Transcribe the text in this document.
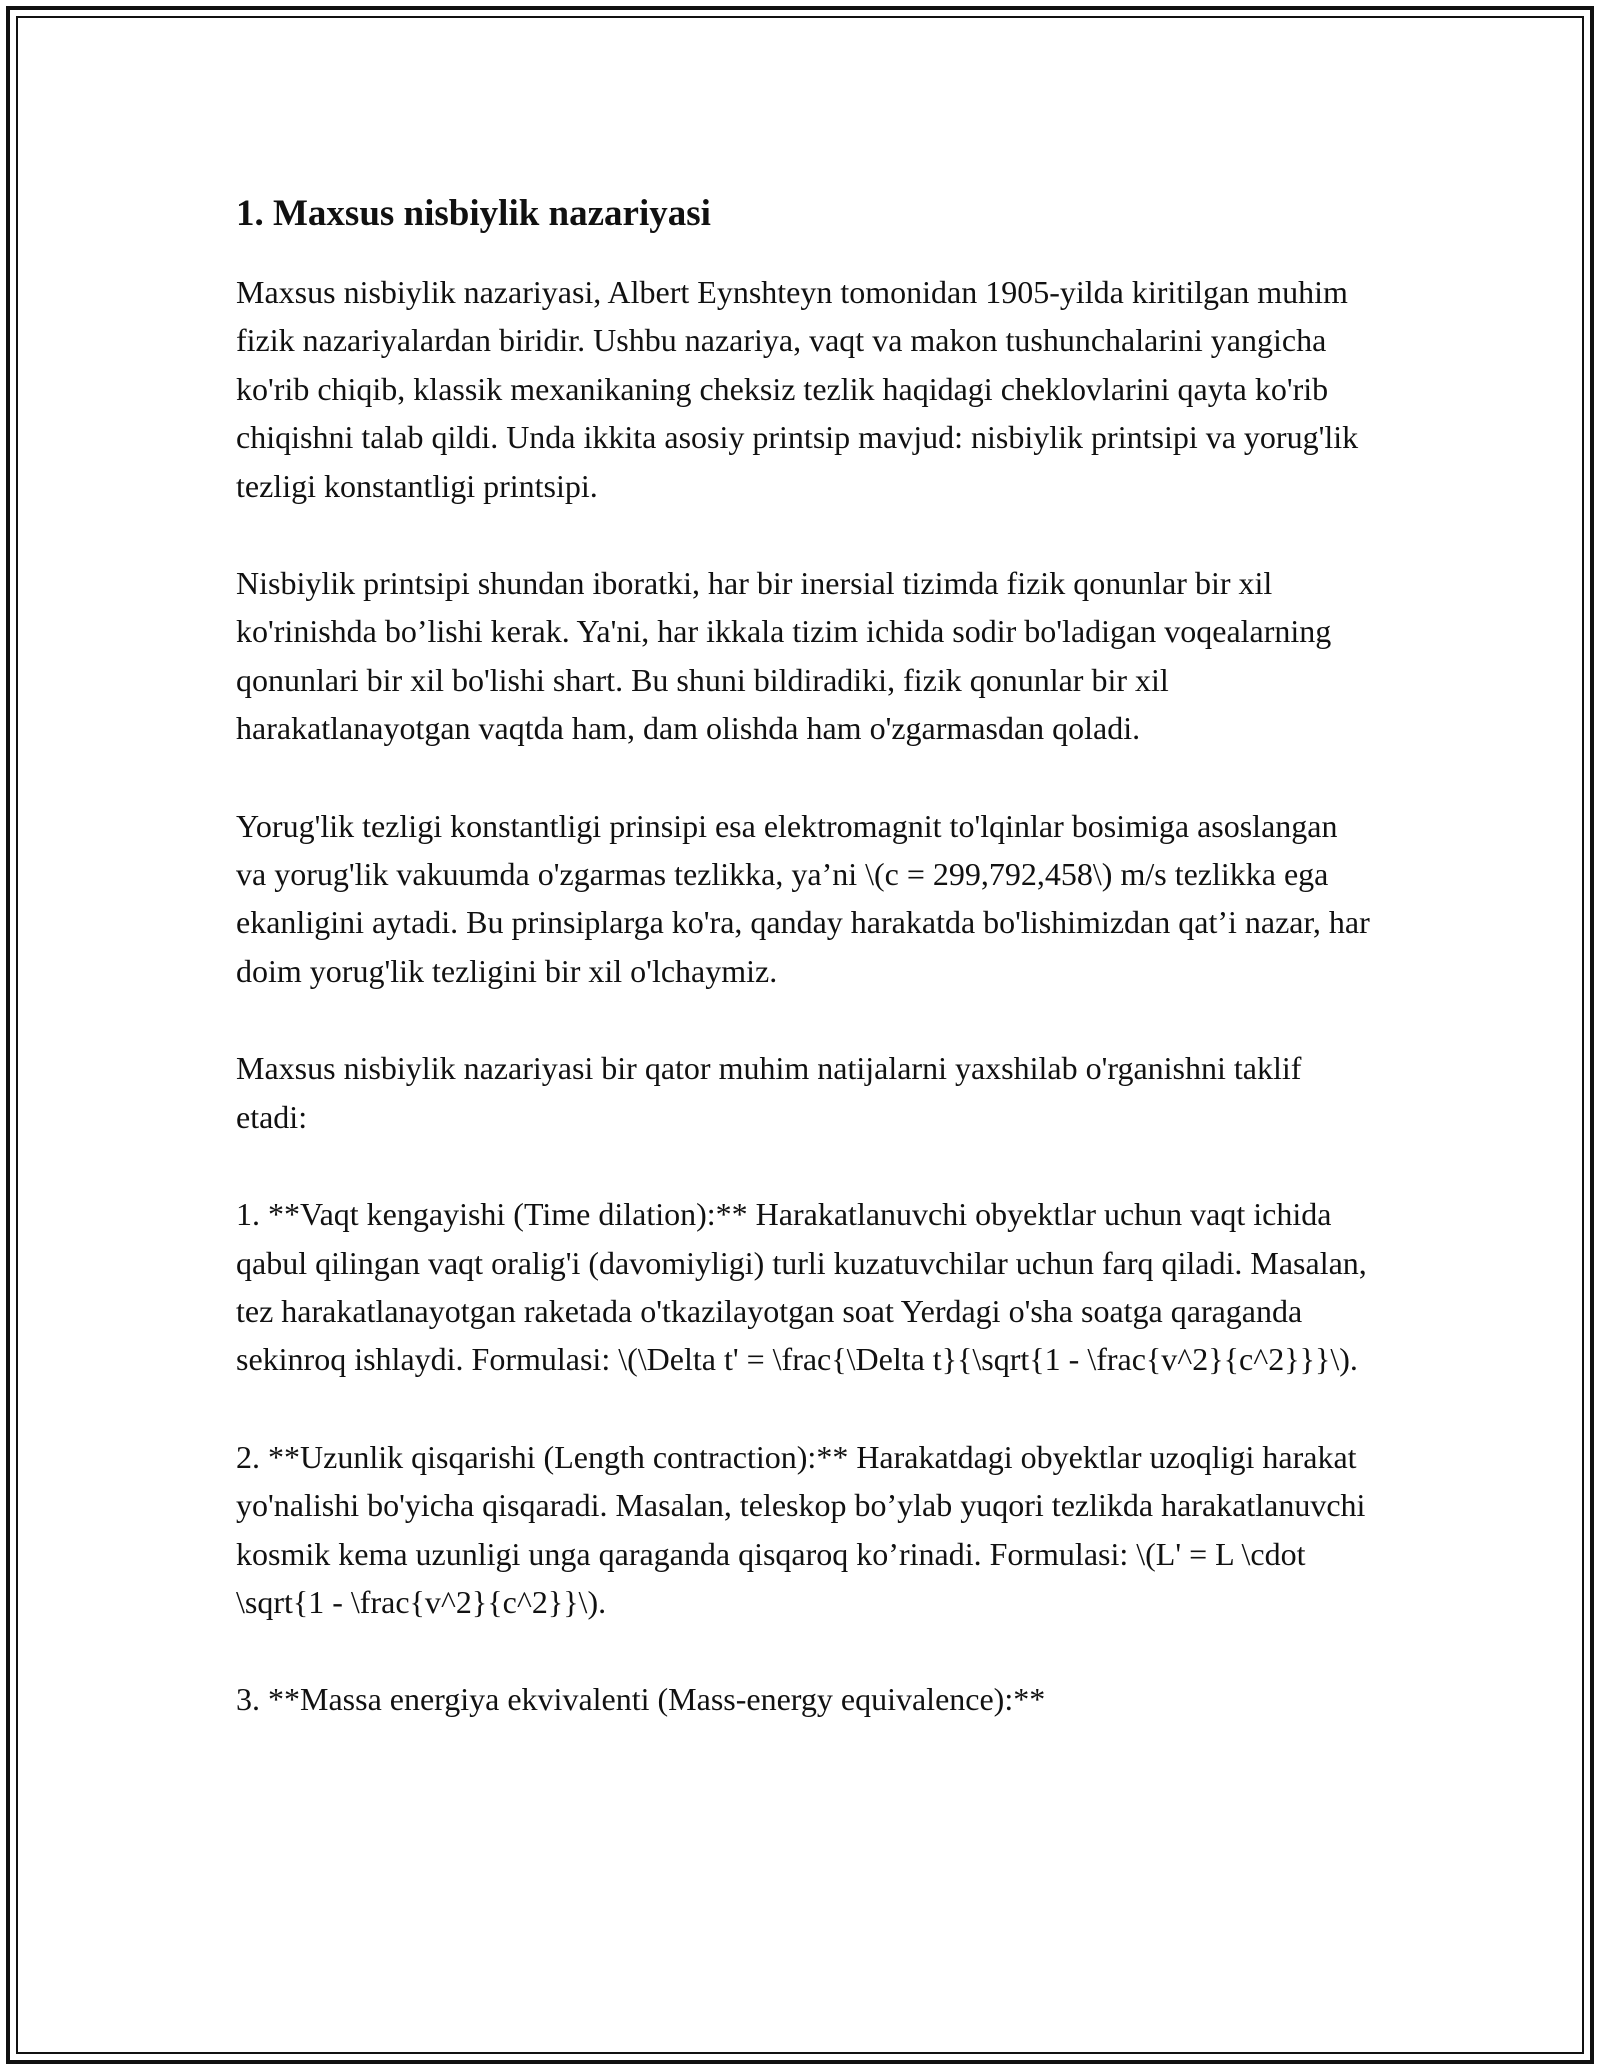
1. Maxsus nisbiylik nazariyasi

Maxsus nisbiylik nazariyasi, Albert Eynshteyn tomonidan 1905-yilda kiritilgan muhim fizik nazariyalardan biridir. Ushbu nazariya, vaqt va makon tushunchalarini yangicha ko'rib chiqib, klassik mexanikaning cheksiz tezlik haqidagi cheklovlarini qayta ko'rib chiqishni talab qildi. Unda ikkita asosiy printsip mavjud: nisbiylik printsipi va yorug'lik tezligi konstantligi printsipi.

Nisbiylik printsipi shundan iboratki, har bir inersial tizimda fizik qonunlar bir xil ko'rinishda bo’lishi kerak. Ya'ni, har ikkala tizim ichida sodir bo'ladigan voqealarning qonunlari bir xil bo'lishi shart. Bu shuni bildiradiki, fizik qonunlar bir xil harakatlanayotgan vaqtda ham, dam olishda ham o'zgarmasdan qoladi.

Yorug'lik tezligi konstantligi prinsipi esa elektromagnit to'lqinlar bosimiga asoslangan va yorug'lik vakuumda o'zgarmas tezlikka, ya’ni \(c = 299,792,458\) m/s tezlikka ega ekanligini aytadi. Bu prinsiplarga ko'ra, qanday harakatda bo'lishimizdan qat’i nazar, har doim yorug'lik tezligini bir xil o'lchaymiz.

Maxsus nisbiylik nazariyasi bir qator muhim natijalarni yaxshilab o'rganishni taklif etadi:

1. **Vaqt kengayishi (Time dilation):** Harakatlanuvchi obyektlar uchun vaqt ichida qabul qilingan vaqt oralig'i (davomiyligi) turli kuzatuvchilar uchun farq qiladi. Masalan, tez harakatlanayotgan raketada o'tkazilayotgan soat Yerdagi o'sha soatga qaraganda sekinroq ishlaydi. Formulasi: \(\Delta t' = \frac{\Delta t}{\sqrt{1 - \frac{v^2}{c^2}}}\).

2. **Uzunlik qisqarishi (Length contraction):** Harakatdagi obyektlar uzoqligi harakat yo'nalishi bo'yicha qisqaradi. Masalan, teleskop bo’ylab yuqori tezlikda harakatlanuvchi kosmik kema uzunligi unga qaraganda qisqaroq ko’rinadi. Formulasi: \(L' = L \cdot \sqrt{1 - \frac{v^2}{c^2}}\).

3. **Massa energiya ekvivalenti (Mass-energy equivalence):**
